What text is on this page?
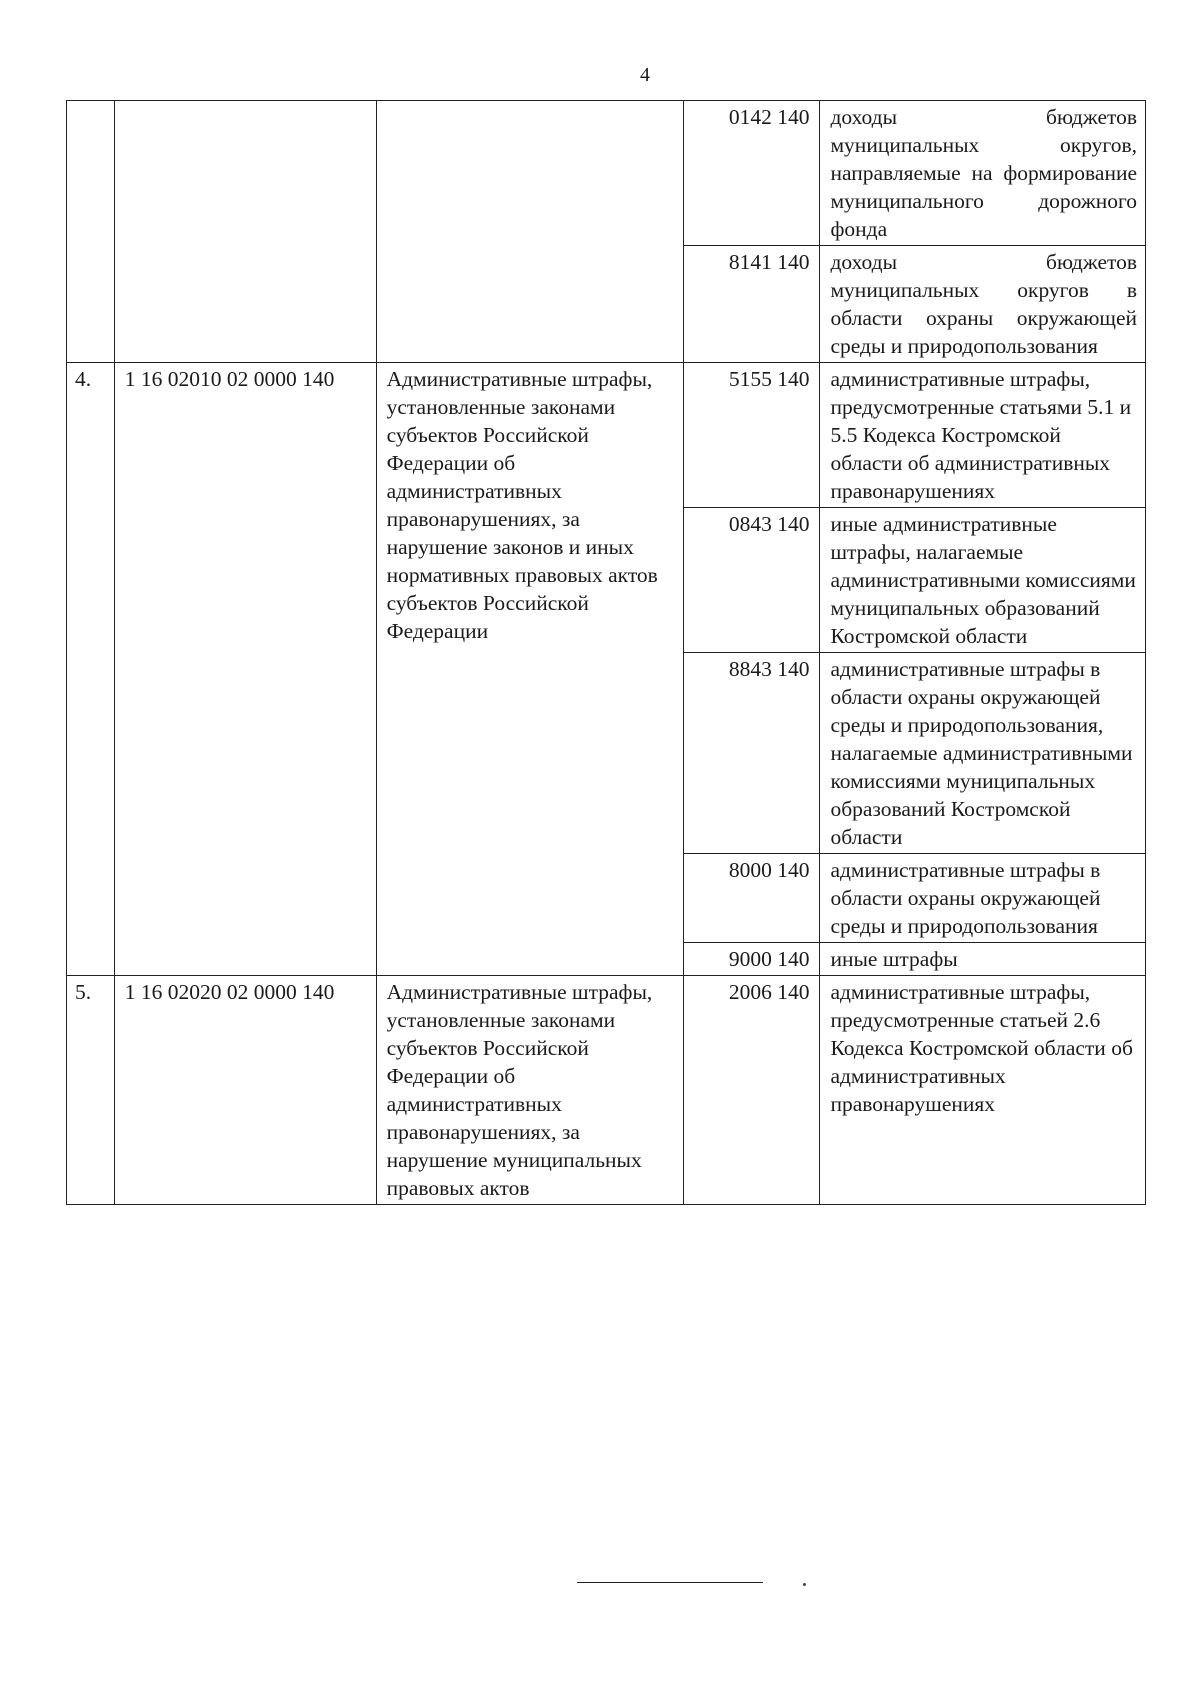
4
			0142 140	доходы бюджетов муниципальных округов, направляемые на формирование муниципального дорожного фонда
			8141 140	доходы бюджетов муниципальных округов в области охраны окружающей среды и природопользования
4.	1 16 02010 02 0000 140	Административные штрафы, установленные законами субъектов Российской Федерации об административных правонарушениях, за нарушение законов и иных нормативных правовых актов субъектов Российской Федерации	5155 140	административные штрафы, предусмотренные статьями 5.1 и 5.5 Кодекса Костромской области об административных правонарушениях
			0843 140	иные административные штрафы, налагаемые административными комиссиями муниципальных образований Костромской области
			8843 140	административные штрафы в области охраны окружающей среды и природопользования, налагаемые административными комиссиями муниципальных образований Костромской области
			8000 140	административные штрафы в области охраны окружающей среды и природопользования
			9000 140	иные штрафы
5.	1 16 02020 02 0000 140	Административные штрафы, установленные законами субъектов Российской Федерации об административных правонарушениях, за нарушение муниципальных правовых актов	2006 140	административные штрафы, предусмотренные статьей 2.6 Кодекса Костромской области об административных правонарушениях
